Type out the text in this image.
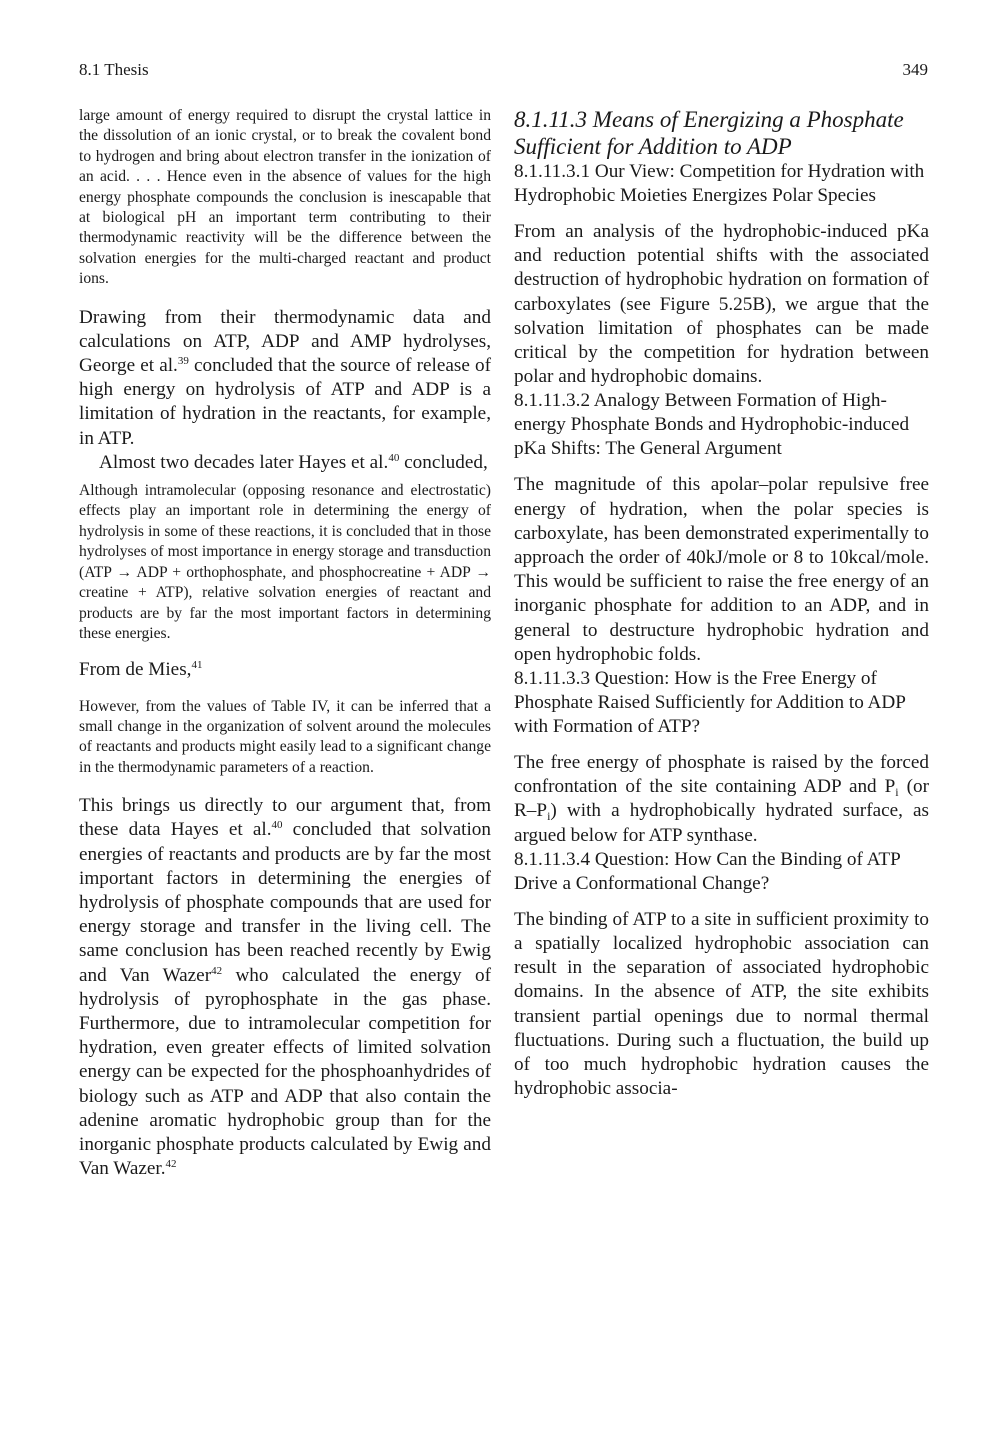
8.1 Thesis	349

large amount of energy required to disrupt the crystal lattice in the dissolution of an ionic crystal, or to break the covalent bond to hydrogen and bring about electron transfer in the ionization of an acid. . . . Hence even in the absence of values for the high energy phosphate compounds the conclusion is inescapable that at biological pH an important term contributing to their thermodynamic reactivity will be the difference between the solvation energies for the multi-charged reactant and product ions.

Drawing from their thermodynamic data and calculations on ATP, ADP and AMP hydrolyses, George et al.$^{39}$ concluded that the source of release of high energy on hydrolysis of ATP and ADP is a limitation of hydration in the reactants, for example, in ATP.

Almost two decades later Hayes et al.$^{40}$ concluded,

Although intramolecular (opposing resonance and electrostatic) effects play an important role in determining the energy of hydrolysis in some of these reactions, it is concluded that in those hydrolyses of most importance in energy storage and transduction (ATP → ADP + orthophosphate, and phosphocreatine + ADP → creatine + ATP), relative solvation energies of reactant and products are by far the most important factors in determining these energies.

From de Mies,$^{41}$

However, from the values of Table IV, it can be inferred that a small change in the organization of solvent around the molecules of reactants and products might easily lead to a significant change in the thermodynamic parameters of a reaction.

This brings us directly to our argument that, from these data Hayes et al.$^{40}$ concluded that solvation energies of reactants and products are by far the most important factors in determining the energies of hydrolysis of phosphate compounds that are used for energy storage and transfer in the living cell. The same conclusion has been reached recently by Ewig and Van Wazer$^{42}$ who calculated the energy of hydrolysis of pyrophosphate in the gas phase. Furthermore, due to intramolecular competition for hydration, even greater effects of limited solvation energy can be expected for the phosphoanhydrides of biology such as ATP and ADP that also contain the adenine aromatic hydrophobic group than for the inorganic phosphate products calculated by Ewig and Van Wazer.$^{42}$

8.1.11.3 Means of Energizing a Phosphate Sufficient for Addition to ADP
8.1.11.3.1 Our View: Competition for Hydration with Hydrophobic Moieties Energizes Polar Species

From an analysis of the hydrophobic-induced pKa and reduction potential shifts with the associated destruction of hydrophobic hydration on formation of carboxylates (see Figure 5.25B), we argue that the solvation limitation of phosphates can be made critical by the competition for hydration between polar and hydrophobic domains.

8.1.11.3.2 Analogy Between Formation of High-energy Phosphate Bonds and Hydrophobic-induced pKa Shifts: The General Argument

The magnitude of this apolar–polar repulsive free energy of hydration, when the polar species is carboxylate, has been demonstrated experimentally to approach the order of 40kJ/mole or 8 to 10kcal/mole. This would be sufficient to raise the free energy of an inorganic phosphate for addition to an ADP, and in general to destructure hydrophobic hydration and open hydrophobic folds.

8.1.11.3.3 Question: How is the Free Energy of Phosphate Raised Sufficiently for Addition to ADP with Formation of ATP?

The free energy of phosphate is raised by the forced confrontation of the site containing ADP and $P_i$ (or $R-P_i$) with a hydrophobically hydrated surface, as argued below for ATP synthase.

8.1.11.3.4 Question: How Can the Binding of ATP Drive a Conformational Change?

The binding of ATP to a site in sufficient proximity to a spatially localized hydrophobic association can result in the separation of associated hydrophobic domains. In the absence of ATP, the site exhibits transient partial openings due to normal thermal fluctuations. During such a fluctuation, the build up of too much hydrophobic hydration causes the hydrophobic associa-
